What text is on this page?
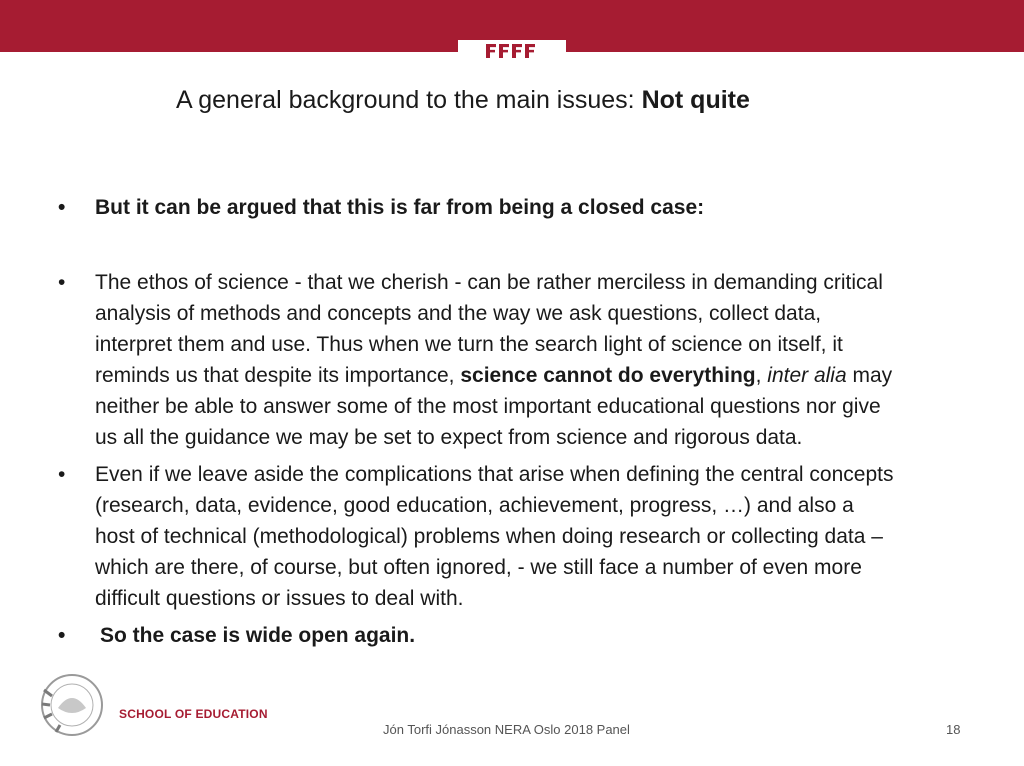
A general background to the main issues: Not quite
• But it can be argued that this is far from being a closed case:
• The ethos of science - that we cherish - can be rather merciless in demanding critical analysis of methods and concepts and the way we ask questions, collect data, interpret them and use. Thus when we turn the search light of science on itself, it reminds us that despite its importance, science cannot do everything, inter alia may neither be able to answer some of the most important educational questions nor give us all the guidance we may be set to expect from science and rigorous data.
• Even if we leave aside the complications that arise when defining the central concepts (research, data, evidence, good education, achievement, progress, …) and also a host of technical (methodological) problems when doing research or collecting data – which are there, of course, but often ignored, - we still face a number of even more difficult questions or issues to deal with.
• So the case is wide open again.
SCHOOL OF EDUCATION
Jón Torfi Jónasson NERA Oslo 2018 Panel	18
